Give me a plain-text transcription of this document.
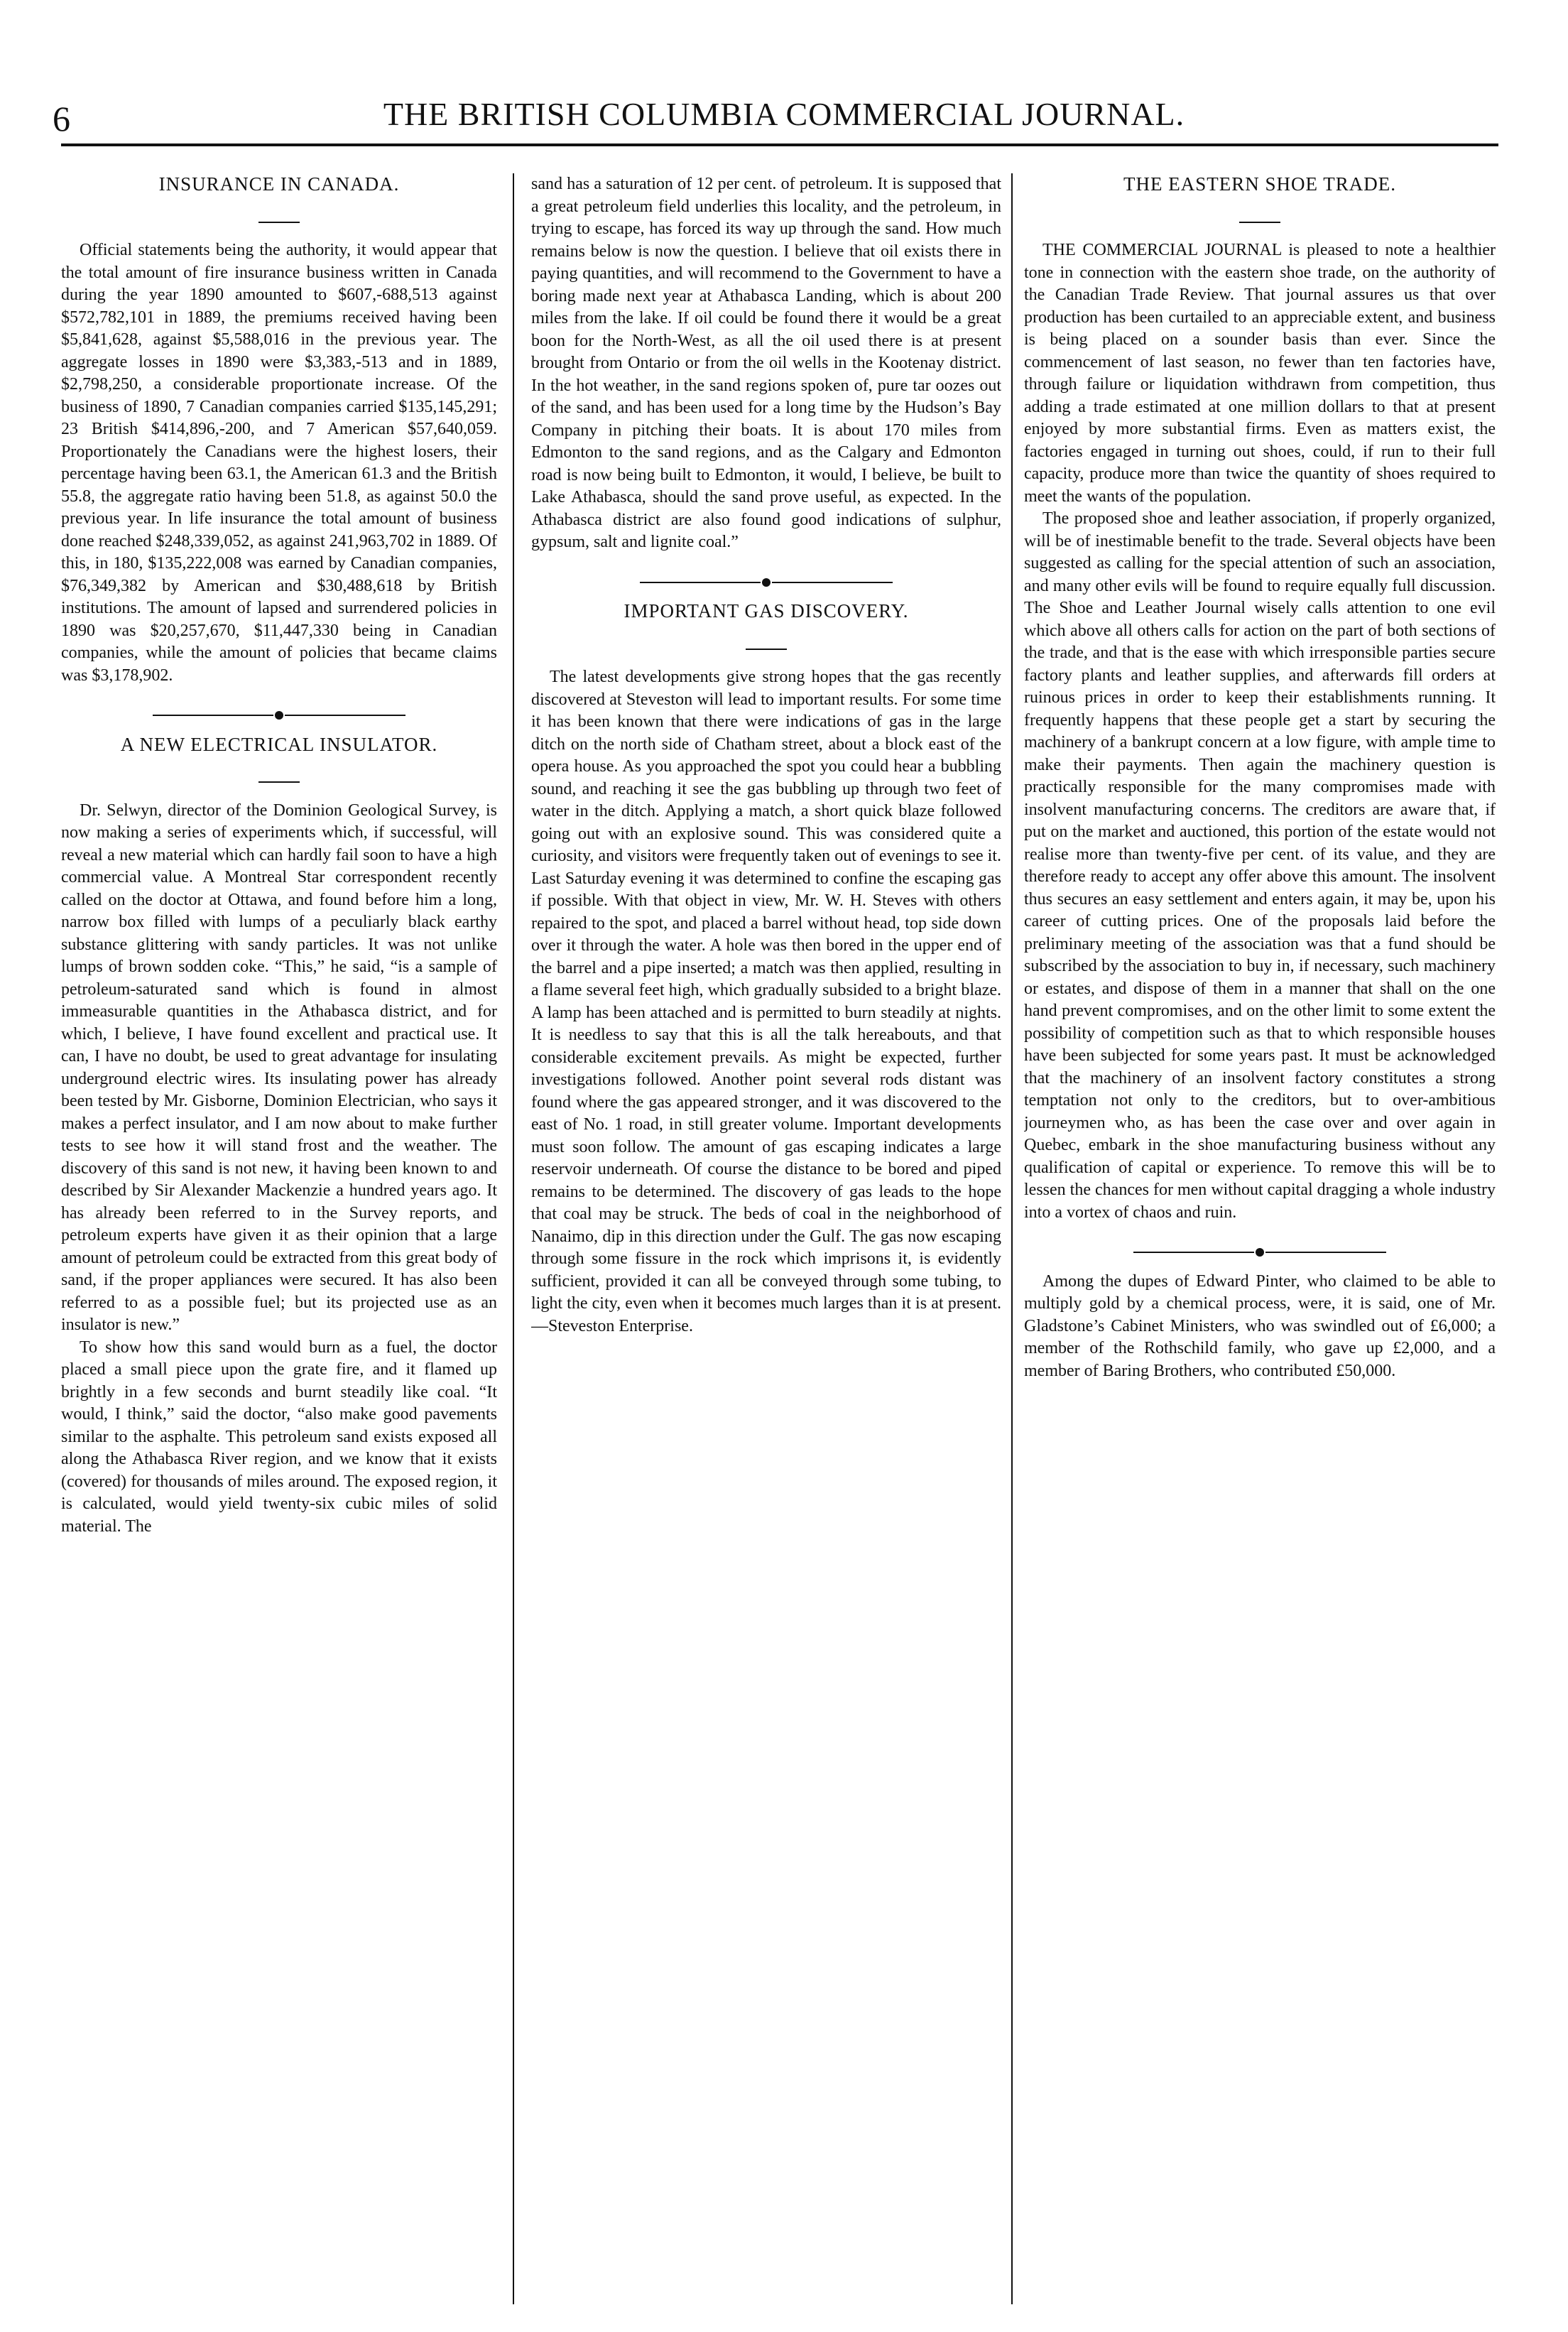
6	THE BRITISH COLUMBIA COMMERCIAL JOURNAL.
INSURANCE IN CANADA.

Official statements being the authority, it would appear that the total amount of fire insurance business written in Canada during the year 1890 amounted to $607,-688,513 against $572,782,101 in 1889, the premiums received having been $5,841,628, against $5,588,016 in the previous year. The aggregate losses in 1890 were $3,383,-513 and in 1889, $2,798,250, a considerable proportionate increase. Of the business of 1890, 7 Canadian companies carried $135,145,291; 23 British $414,896,-200, and 7 American $57,640,059. Proportionately the Canadians were the highest losers, their percentage having been 63.1, the American 61.3 and the British 55.8, the aggregate ratio having been 51.8, as against 50.0 the previous year. In life insurance the total amount of business done reached $248,339,052, as against 241,963,702 in 1889. Of this, in 180, $135,222,008 was earned by Canadian companies, $76,349,382 by American and $30,488,618 by British institutions. The amount of lapsed and surrendered policies in 1890 was $20,257,670, $11,447,330 being in Canadian companies, while the amount of policies that became claims was $3,178,902.

A NEW ELECTRICAL INSULATOR.

Dr. Selwyn, director of the Dominion Geological Survey, is now making a series of experiments which, if successful, will reveal a new material which can hardly fail soon to have a high commercial value. A Montreal Star correspondent recently called on the doctor at Ottawa, and found before him a long, narrow box filled with lumps of a peculiarly black earthy substance glittering with sandy particles. It was not unlike lumps of brown sodden coke. “This,” he said, “is a sample of petroleum-saturated sand which is found in almost immeasurable quantities in the Athabasca district, and for which, I believe, I have found excellent and practical use. It can, I have no doubt, be used to great advantage for insulating underground electric wires. Its insulating power has already been tested by Mr. Gisborne, Dominion Electrician, who says it makes a perfect insulator, and I am now about to make further tests to see how it will stand frost and the weather. The discovery of this sand is not new, it having been known to and described by Sir Alexander Mackenzie a hundred years ago. It has already been referred to in the Survey reports, and petroleum experts have given it as their opinion that a large amount of petroleum could be extracted from this great body of sand, if the proper appliances were secured. It has also been referred to as a possible fuel; but its projected use as an insulator is new.”

To show how this sand would burn as a fuel, the doctor placed a small piece upon the grate fire, and it flamed up brightly in a few seconds and burnt steadily like coal. “It would, I think,” said the doctor, “also make good pavements similar to the asphalte. This petroleum sand exists exposed all along the Athabasca River region, and we know that it exists (covered) for thousands of miles around. The exposed region, it is calculated, would yield twenty-six cubic miles of solid material. The

sand has a saturation of 12 per cent. of petroleum. It is supposed that a great petroleum field underlies this locality, and the petroleum, in trying to escape, has forced its way up through the sand. How much remains below is now the question. I believe that oil exists there in paying quantities, and will recommend to the Government to have a boring made next year at Athabasca Landing, which is about 200 miles from the lake. If oil could be found there it would be a great boon for the North-West, as all the oil used there is at present brought from Ontario or from the oil wells in the Kootenay district. In the hot weather, in the sand regions spoken of, pure tar oozes out of the sand, and has been used for a long time by the Hudson’s Bay Company in pitching their boats. It is about 170 miles from Edmonton to the sand regions, and as the Calgary and Edmonton road is now being built to Edmonton, it would, I believe, be built to Lake Athabasca, should the sand prove useful, as expected. In the Athabasca district are also found good indications of sulphur, gypsum, salt and lignite coal.”

IMPORTANT GAS DISCOVERY.

The latest developments give strong hopes that the gas recently discovered at Steveston will lead to important results. For some time it has been known that there were indications of gas in the large ditch on the north side of Chatham street, about a block east of the opera house. As you approached the spot you could hear a bubbling sound, and reaching it see the gas bubbling up through two feet of water in the ditch. Applying a match, a short quick blaze followed going out with an explosive sound. This was considered quite a curiosity, and visitors were frequently taken out of evenings to see it. Last Saturday evening it was determined to confine the escaping gas if possible. With that object in view, Mr. W. H. Steves with others repaired to the spot, and placed a barrel without head, top side down over it through the water. A hole was then bored in the upper end of the barrel and a pipe inserted; a match was then applied, resulting in a flame several feet high, which gradually subsided to a bright blaze. A lamp has been attached and is permitted to burn steadily at nights. It is needless to say that this is all the talk hereabouts, and that considerable excitement prevails. As might be expected, further investigations followed. Another point several rods distant was found where the gas appeared stronger, and it was discovered to the east of No. 1 road, in still greater volume. Important developments must soon follow. The amount of gas escaping indicates a large reservoir underneath. Of course the distance to be bored and piped remains to be determined. The discovery of gas leads to the hope that coal may be struck. The beds of coal in the neighborhood of Nanaimo, dip in this direction under the Gulf. The gas now escaping through some fissure in the rock which imprisons it, is evidently sufficient, provided it can all be conveyed through some tubing, to light the city, even when it becomes much larges than it is at present.—Steveston Enterprise.

THE EASTERN SHOE TRADE.

THE COMMERCIAL JOURNAL is pleased to note a healthier tone in connection with the eastern shoe trade, on the authority of the Canadian Trade Review. That journal assures us that over production has been curtailed to an appreciable extent, and business is being placed on a sounder basis than ever. Since the commencement of last season, no fewer than ten factories have, through failure or liquidation withdrawn from competition, thus adding a trade estimated at one million dollars to that at present enjoyed by more substantial firms. Even as matters exist, the factories engaged in turning out shoes, could, if run to their full capacity, produce more than twice the quantity of shoes required to meet the wants of the population.

The proposed shoe and leather association, if properly organized, will be of inestimable benefit to the trade. Several objects have been suggested as calling for the special attention of such an association, and many other evils will be found to require equally full discussion. The Shoe and Leather Journal wisely calls attention to one evil which above all others calls for action on the part of both sections of the trade, and that is the ease with which irresponsible parties secure factory plants and leather supplies, and afterwards fill orders at ruinous prices in order to keep their establishments running. It frequently happens that these people get a start by securing the machinery of a bankrupt concern at a low figure, with ample time to make their payments. Then again the machinery question is practically responsible for the many compromises made with insolvent manufacturing concerns. The creditors are aware that, if put on the market and auctioned, this portion of the estate would not realise more than twenty-five per cent. of its value, and they are therefore ready to accept any offer above this amount. The insolvent thus secures an easy settlement and enters again, it may be, upon his career of cutting prices. One of the proposals laid before the preliminary meeting of the association was that a fund should be subscribed by the association to buy in, if necessary, such machinery or estates, and dispose of them in a manner that shall on the one hand prevent compromises, and on the other limit to some extent the possibility of competition such as that to which responsible houses have been subjected for some years past. It must be acknowledged that the machinery of an insolvent factory constitutes a strong temptation not only to the creditors, but to over-ambitious journeymen who, as has been the case over and over again in Quebec, embark in the shoe manufacturing business without any qualification of capital or experience. To remove this will be to lessen the chances for men without capital dragging a whole industry into a vortex of chaos and ruin.

Among the dupes of Edward Pinter, who claimed to be able to multiply gold by a chemical process, were, it is said, one of Mr. Gladstone’s Cabinet Ministers, who was swindled out of £6,000; a member of the Rothschild family, who gave up £2,000, and a member of Baring Brothers, who contributed £50,000.
